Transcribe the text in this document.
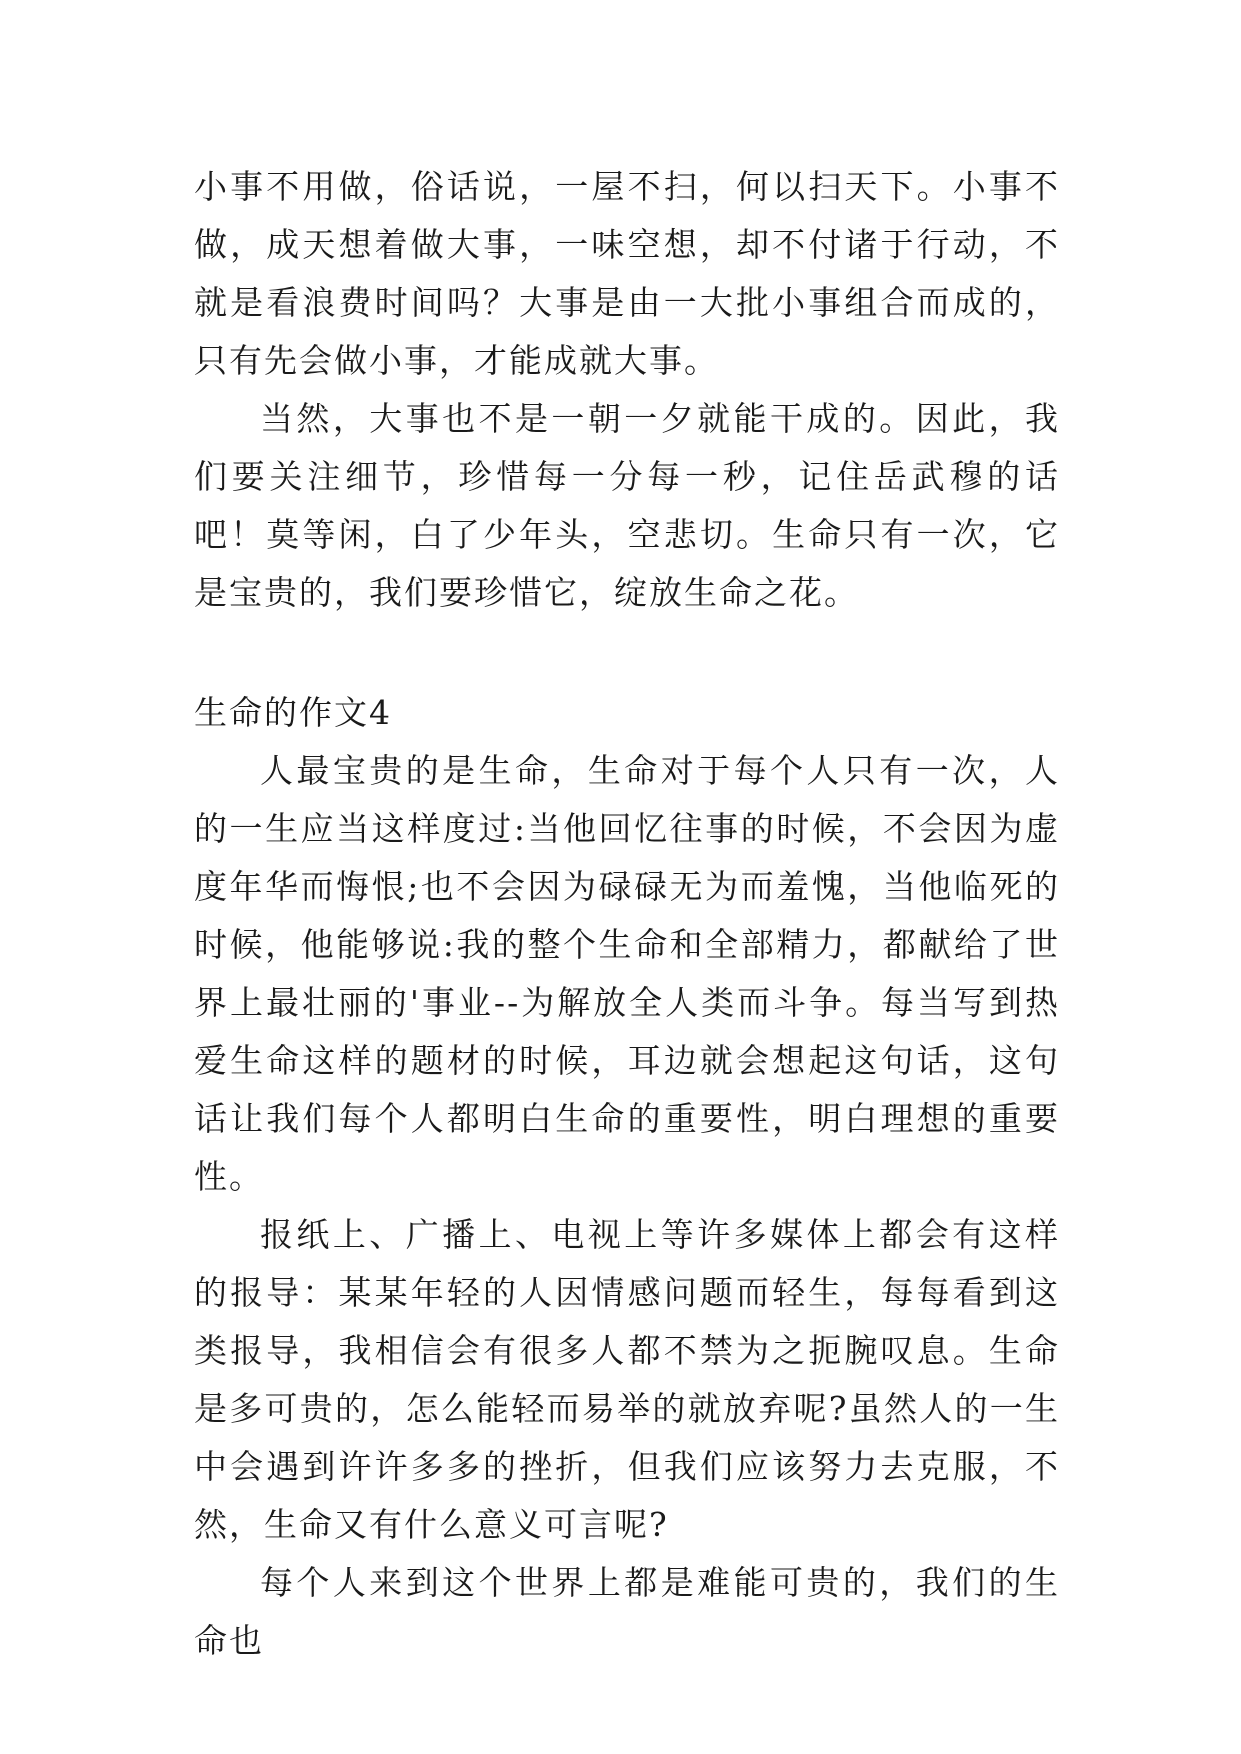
小事不用做，俗话说，一屋不扫，何以扫天下。小事不做，成天想着做大事，一味空想，却不付诸于行动，不就是看浪费时间吗？大事是由一大批小事组合而成的，只有先会做小事，才能成就大事。

当然，大事也不是一朝一夕就能干成的。因此，我们要关注细节，珍惜每一分每一秒，记住岳武穆的话吧！莫等闲，白了少年头，空悲切。生命只有一次，它是宝贵的，我们要珍惜它，绽放生命之花。

生命的作文4

人最宝贵的是生命，生命对于每个人只有一次，人的一生应当这样度过:当他回忆往事的时候，不会因为虚度年华而悔恨;也不会因为碌碌无为而羞愧，当他临死的时候，他能够说:我的整个生命和全部精力，都献给了世界上最壮丽的'事业--为解放全人类而斗争。每当写到热爱生命这样的题材的时候，耳边就会想起这句话，这句话让我们每个人都明白生命的重要性，明白理想的重要性。

报纸上、广播上、电视上等许多媒体上都会有这样的报导：某某年轻的人因情感问题而轻生，每每看到这类报导，我相信会有很多人都不禁为之扼腕叹息。生命是多可贵的，怎么能轻而易举的就放弃呢?虽然人的一生中会遇到许许多多的挫折，但我们应该努力去克服，不然，生命又有什么意义可言呢?

每个人来到这个世界上都是难能可贵的，我们的生命也
